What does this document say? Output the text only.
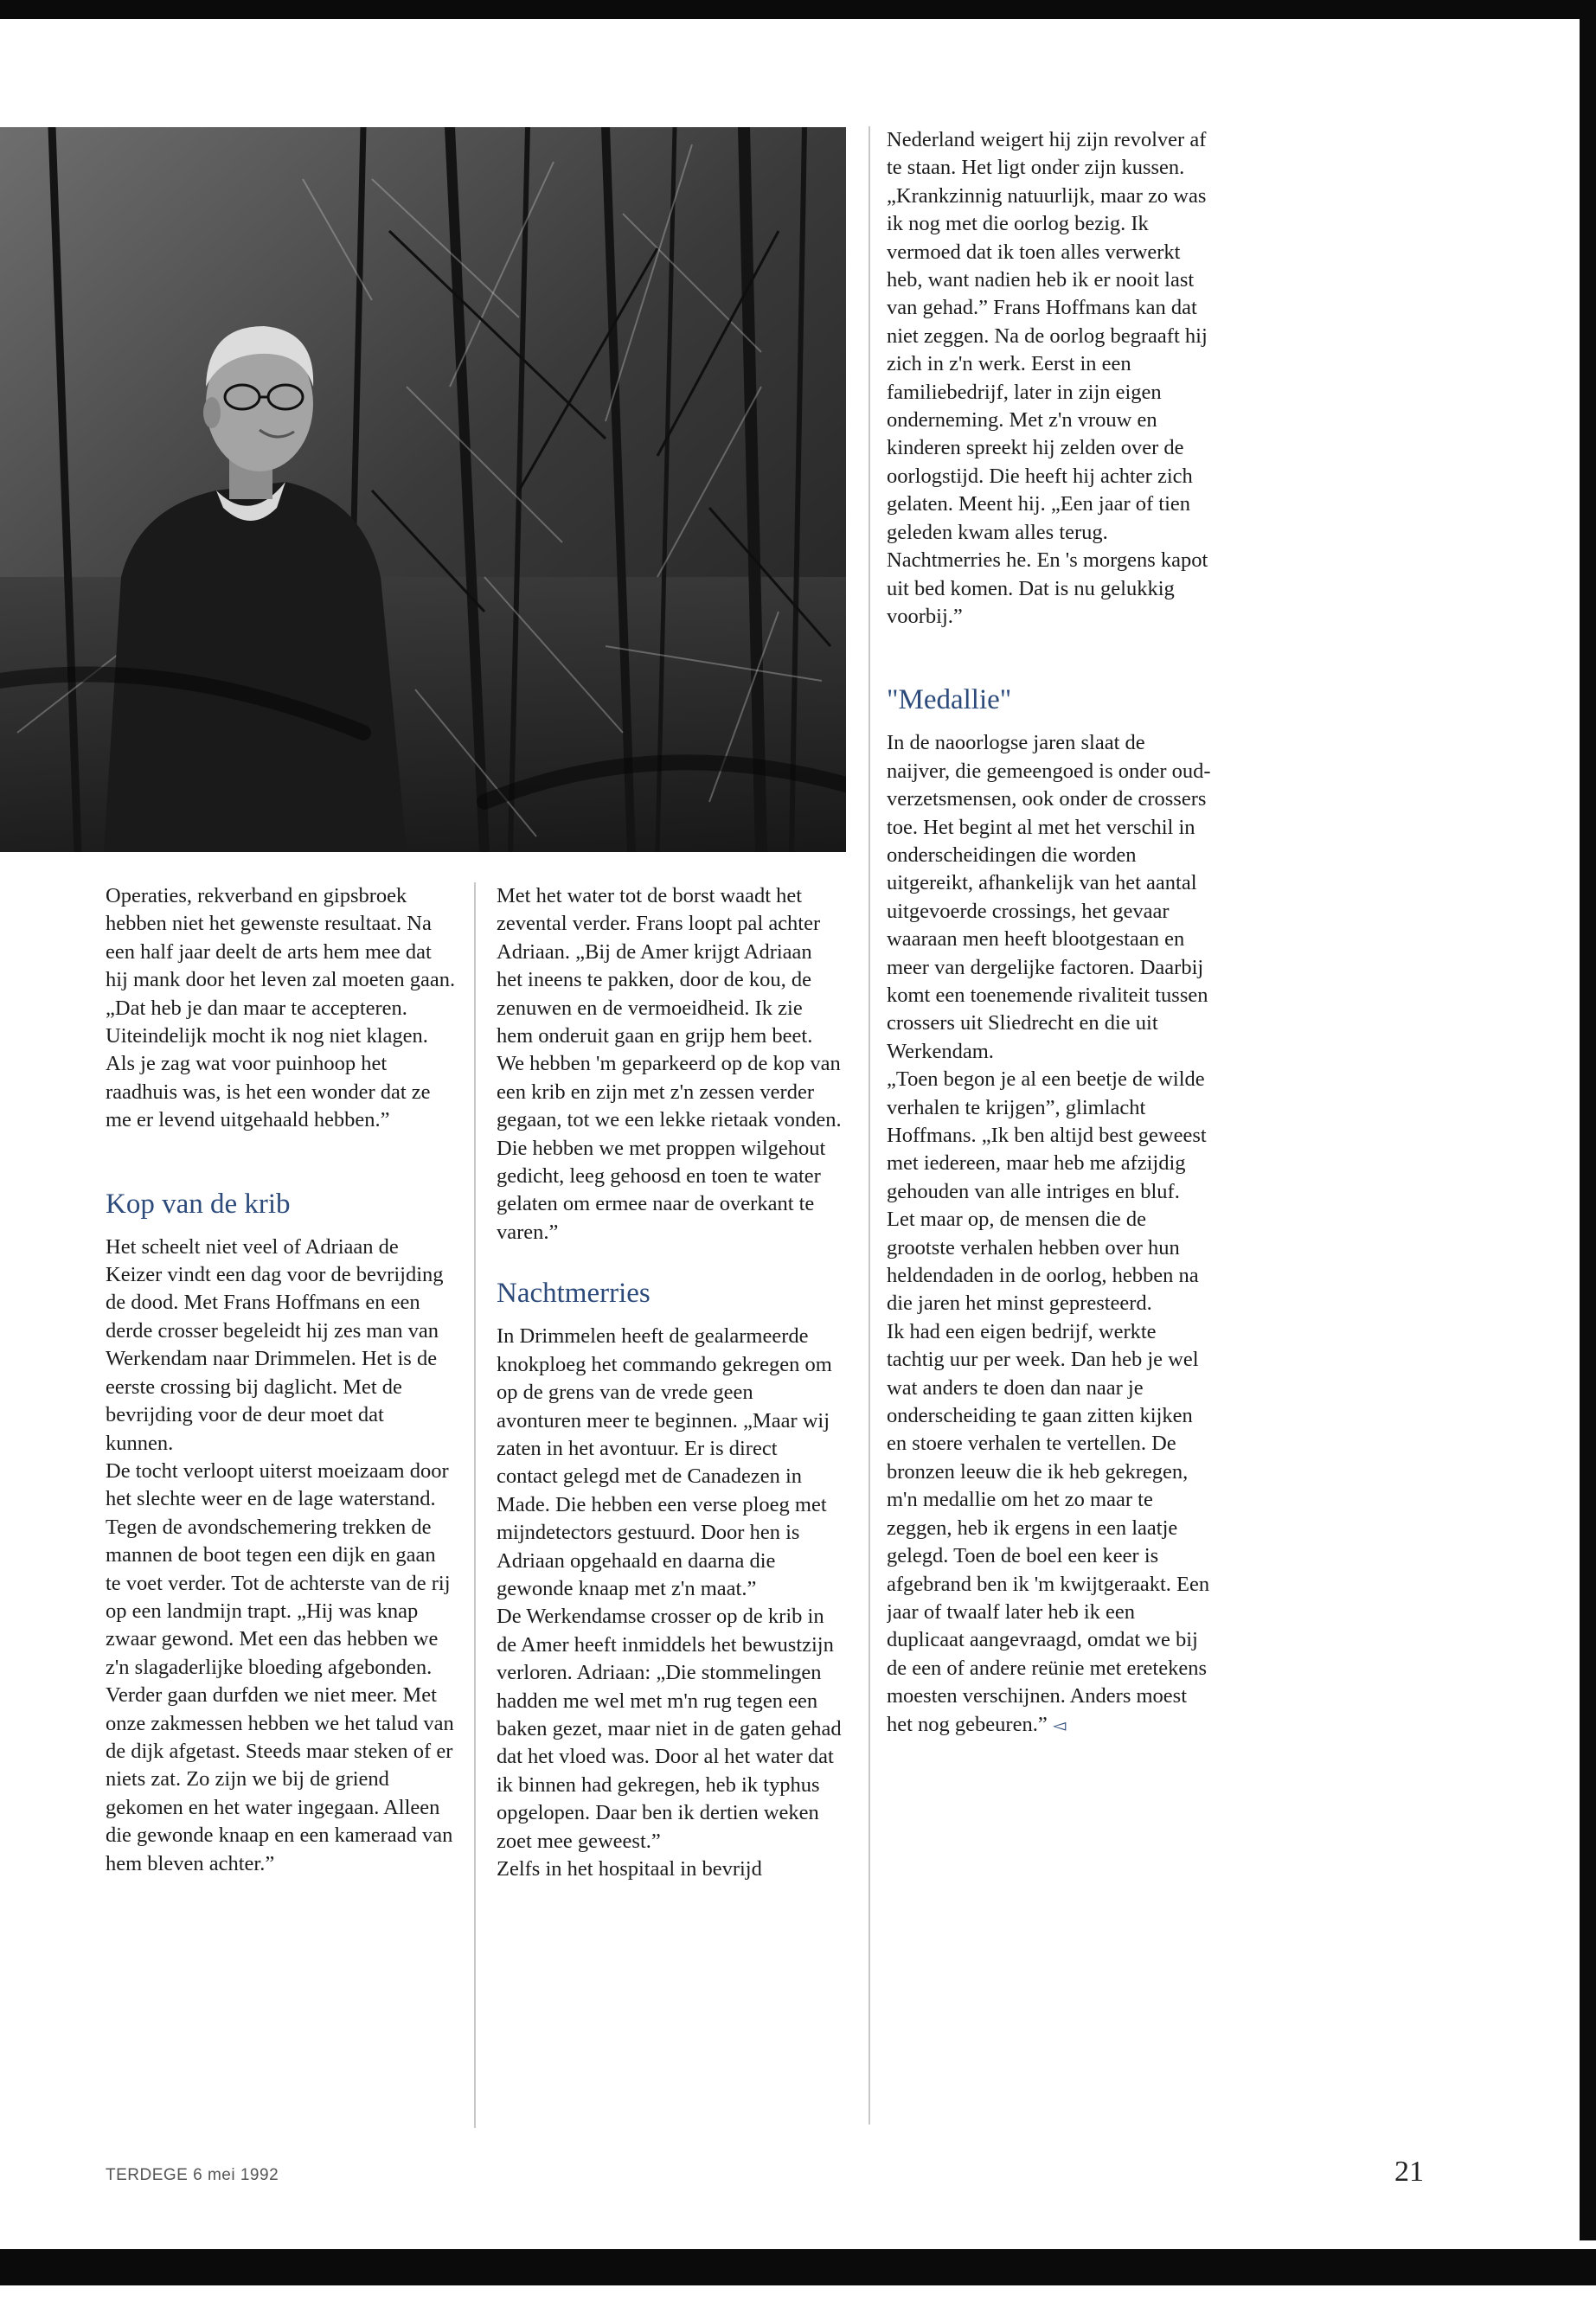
Operaties, rekverband en gipsbroek hebben niet het gewenste resultaat. Na een half jaar deelt de arts hem mee dat hij mank door het leven zal moeten gaan. „Dat heb je dan maar te accepteren. Uiteindelijk mocht ik nog niet klagen. Als je zag wat voor puinhoop het raadhuis was, is het een wonder dat ze me er levend uitgehaald hebben.”

Kop van de krib

Het scheelt niet veel of Adriaan de Keizer vindt een dag voor de bevrijding de dood. Met Frans Hoffmans en een derde crosser begeleidt hij zes man van Werkendam naar Drimmelen. Het is de eerste crossing bij daglicht. Met de bevrijding voor de deur moet dat kunnen.

De tocht verloopt uiterst moeizaam door het slechte weer en de lage waterstand. Tegen de avondschemering trekken de mannen de boot tegen een dijk en gaan te voet verder. Tot de achterste van de rij op een landmijn trapt. „Hij was knap zwaar gewond. Met een das hebben we z'n slagaderlijke bloeding afgebonden. Verder gaan durfden we niet meer. Met onze zakmessen hebben we het talud van de dijk afgetast. Steeds maar steken of er niets zat. Zo zijn we bij de griend gekomen en het water ingegaan. Alleen die gewonde knaap en een kameraad van hem bleven achter.”

Met het water tot de borst waadt het zevental verder. Frans loopt pal achter Adriaan. „Bij de Amer krijgt Adriaan het ineens te pakken, door de kou, de zenuwen en de vermoeidheid. Ik zie hem onderuit gaan en grijp hem beet. We hebben 'm geparkeerd op de kop van een krib en zijn met z'n zessen verder gegaan, tot we een lekke rietaak vonden. Die hebben we met proppen wilgehout gedicht, leeg gehoosd en toen te water gelaten om ermee naar de overkant te varen.”

Nachtmerries

In Drimmelen heeft de gealarmeerde knokploeg het commando gekregen om op de grens van de vrede geen avonturen meer te beginnen. „Maar wij zaten in het avontuur. Er is direct contact gelegd met de Canadezen in Made. Die hebben een verse ploeg met mijndetectors gestuurd. Door hen is Adriaan opgehaald en daarna die gewonde knaap met z'n maat.”

De Werkendamse crosser op de krib in de Amer heeft inmiddels het bewustzijn verloren. Adriaan: „Die stommelingen hadden me wel met m'n rug tegen een baken gezet, maar niet in de gaten gehad dat het vloed was. Door al het water dat ik binnen had gekregen, heb ik typhus opgelopen. Daar ben ik dertien weken zoet mee geweest.”

Zelfs in het hospitaal in bevrijd

Nederland weigert hij zijn revolver af te staan. Het ligt onder zijn kussen. „Krankzinnig natuurlijk, maar zo was ik nog met die oorlog bezig. Ik vermoed dat ik toen alles verwerkt heb, want nadien heb ik er nooit last van gehad.” Frans Hoffmans kan dat niet zeggen. Na de oorlog begraaft hij zich in z'n werk. Eerst in een familiebedrijf, later in zijn eigen onderneming. Met z'n vrouw en kinderen spreekt hij zelden over de oorlogstijd. Die heeft hij achter zich gelaten. Meent hij. „Een jaar of tien geleden kwam alles terug. Nachtmerries he. En 's morgens kapot uit bed komen. Dat is nu gelukkig voorbij.”

"Medallie"

In de naoorlogse jaren slaat de naijver, die gemeengoed is onder oud-verzetsmensen, ook onder de crossers toe. Het begint al met het verschil in onderscheidingen die worden uitgereikt, afhankelijk van het aantal uitgevoerde crossings, het gevaar waaraan men heeft blootgestaan en meer van dergelijke factoren. Daarbij komt een toenemende rivaliteit tussen crossers uit Sliedrecht en die uit Werkendam.

„Toen begon je al een beetje de wilde verhalen te krijgen”, glimlacht Hoffmans. „Ik ben altijd best geweest met iedereen, maar heb me afzijdig gehouden van alle intriges en bluf. Let maar op, de mensen die de grootste verhalen hebben over hun heldendaden in de oorlog, hebben na die jaren het minst gepresteerd.

Ik had een eigen bedrijf, werkte tachtig uur per week. Dan heb je wel wat anders te doen dan naar je onderscheiding te gaan zitten kijken en stoere verhalen te vertellen. De bronzen leeuw die ik heb gekregen, m'n medallie om het zo maar te zeggen, heb ik ergens in een laatje gelegd. Toen de boel een keer is afgebrand ben ik 'm kwijtgeraakt. Een jaar of twaalf later heb ik een duplicaat aangevraagd, omdat we bij de een of andere reünie met eretekens moesten verschijnen. Anders moest het nog gebeuren.” ◅

TERDEGE 6 mei 1992	21
